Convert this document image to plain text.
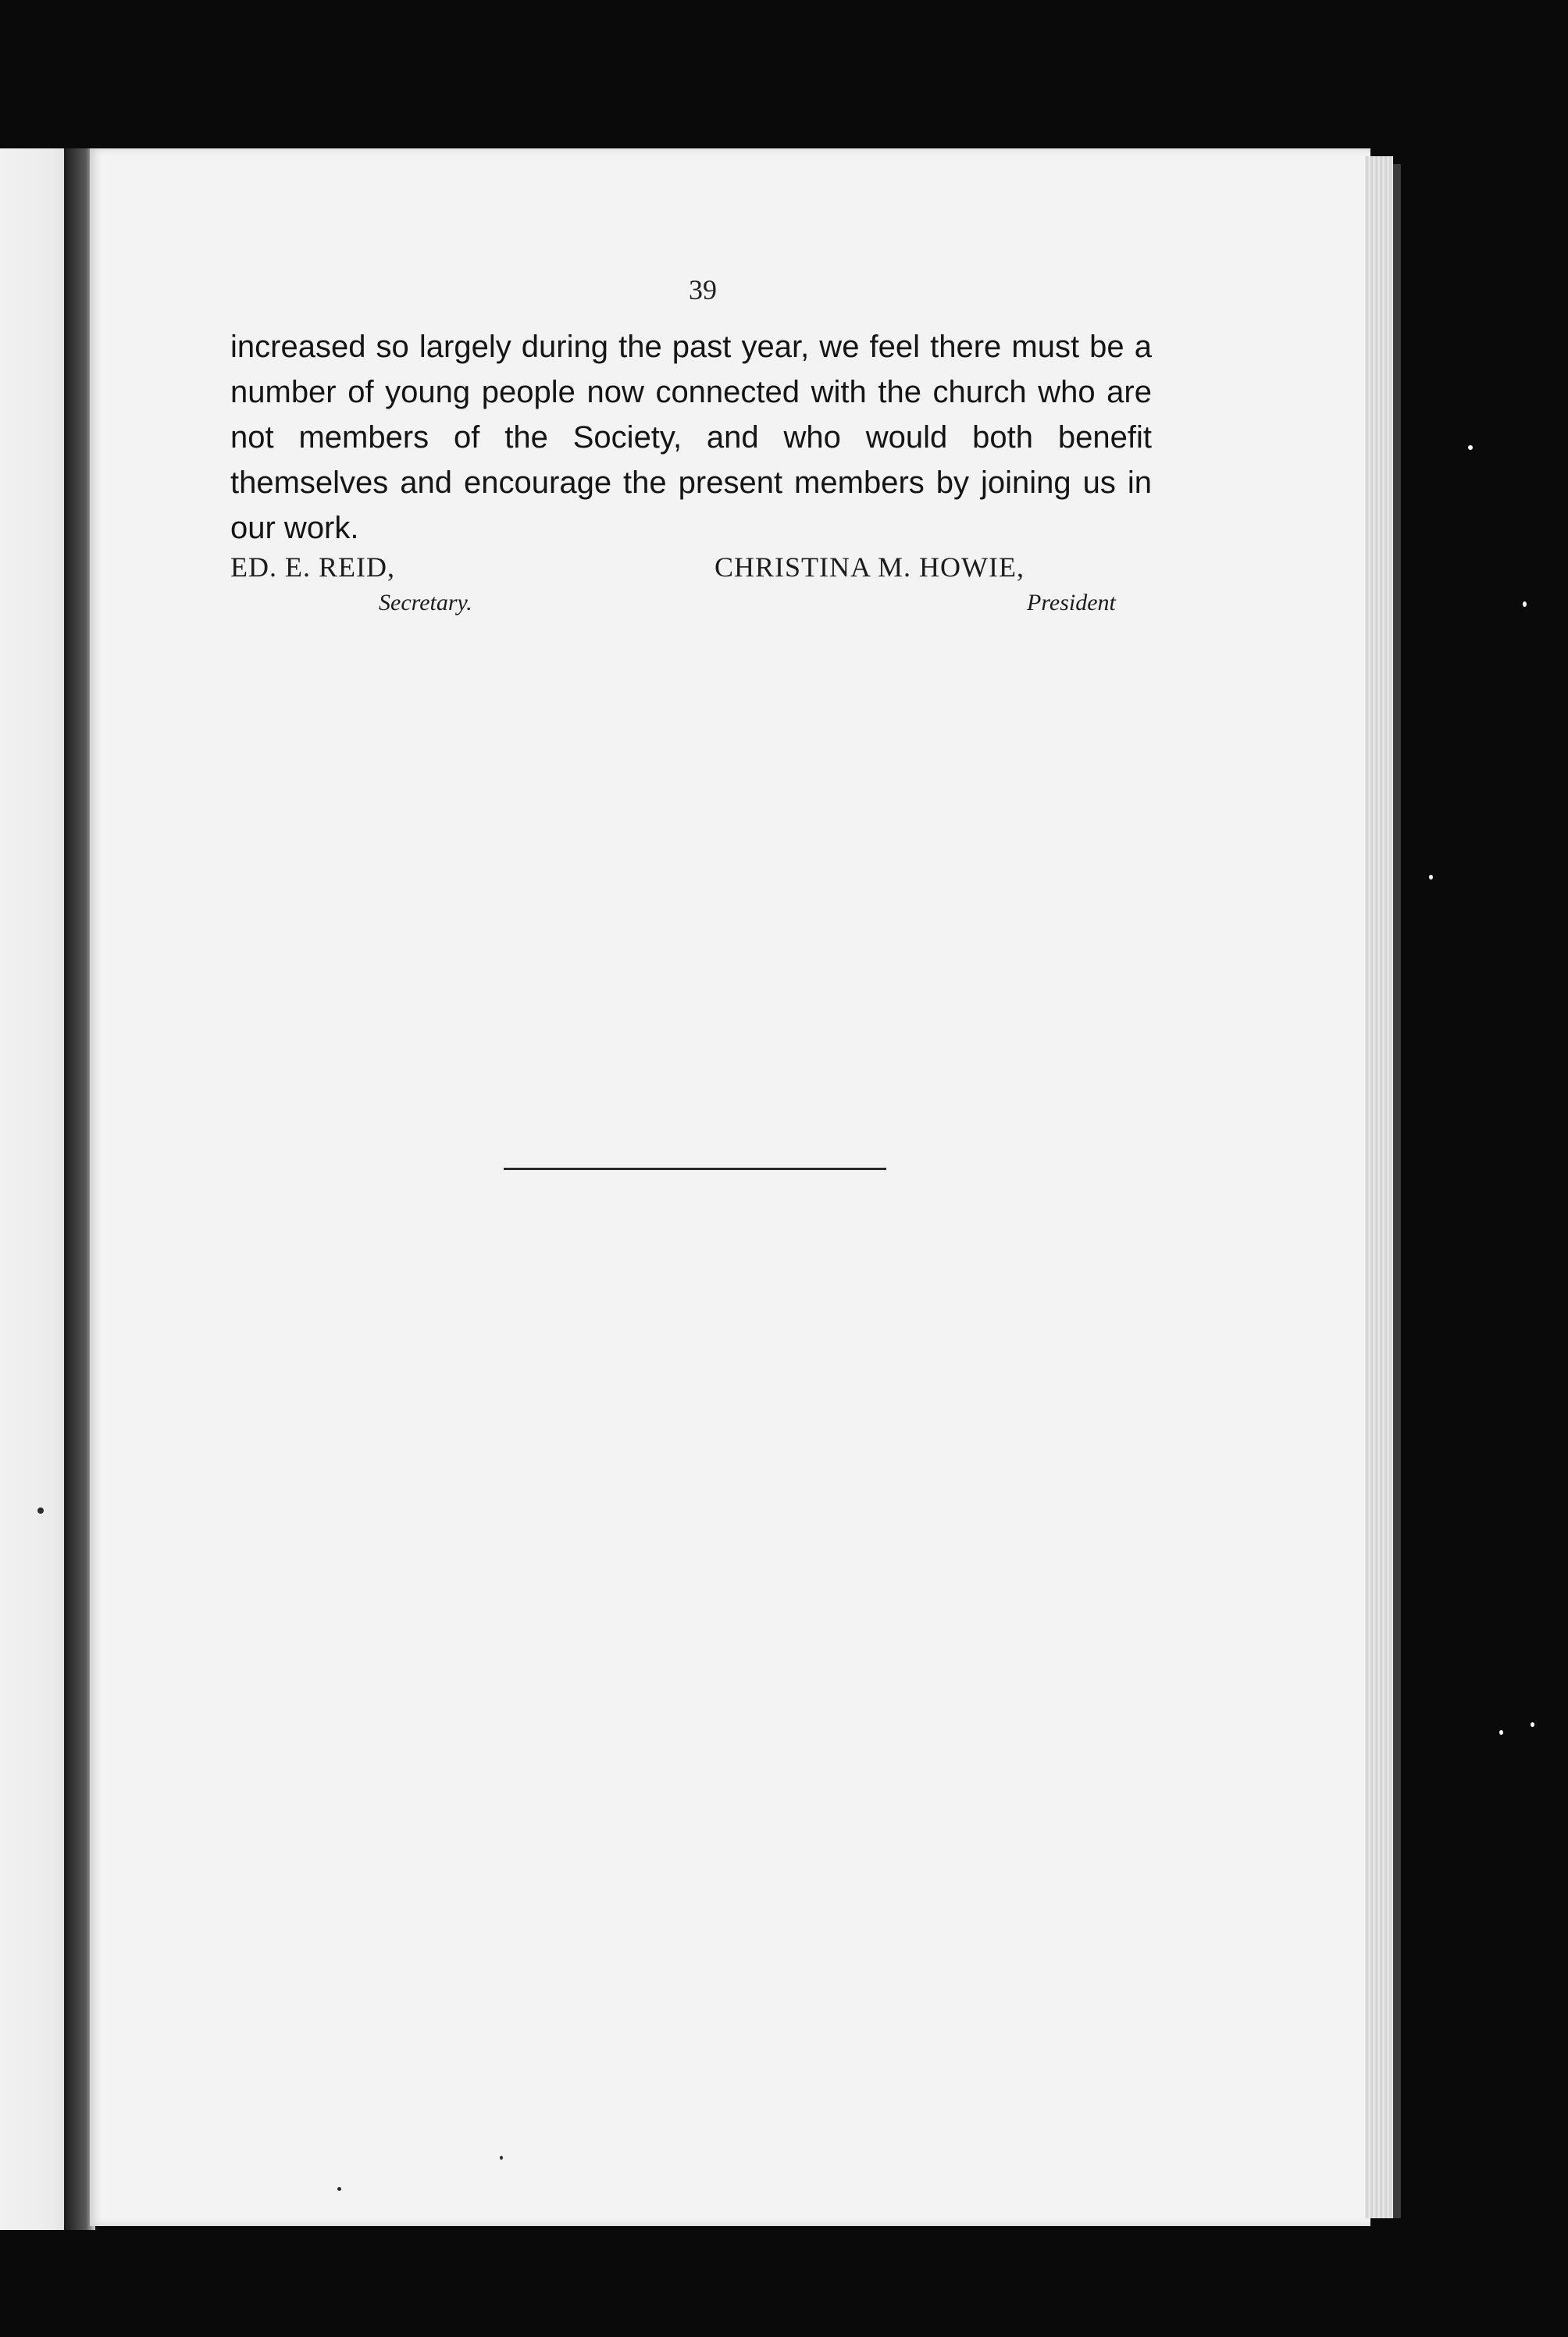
39
increased so largely during the past year, we feel there must be a number of young people now connected with the church who are not members of the Society, and who would both benefit themselves and encourage the present members by joining us in our work.
ED. E. REID,
Secretary.
CHRISTINA M. HOWIE,
President
